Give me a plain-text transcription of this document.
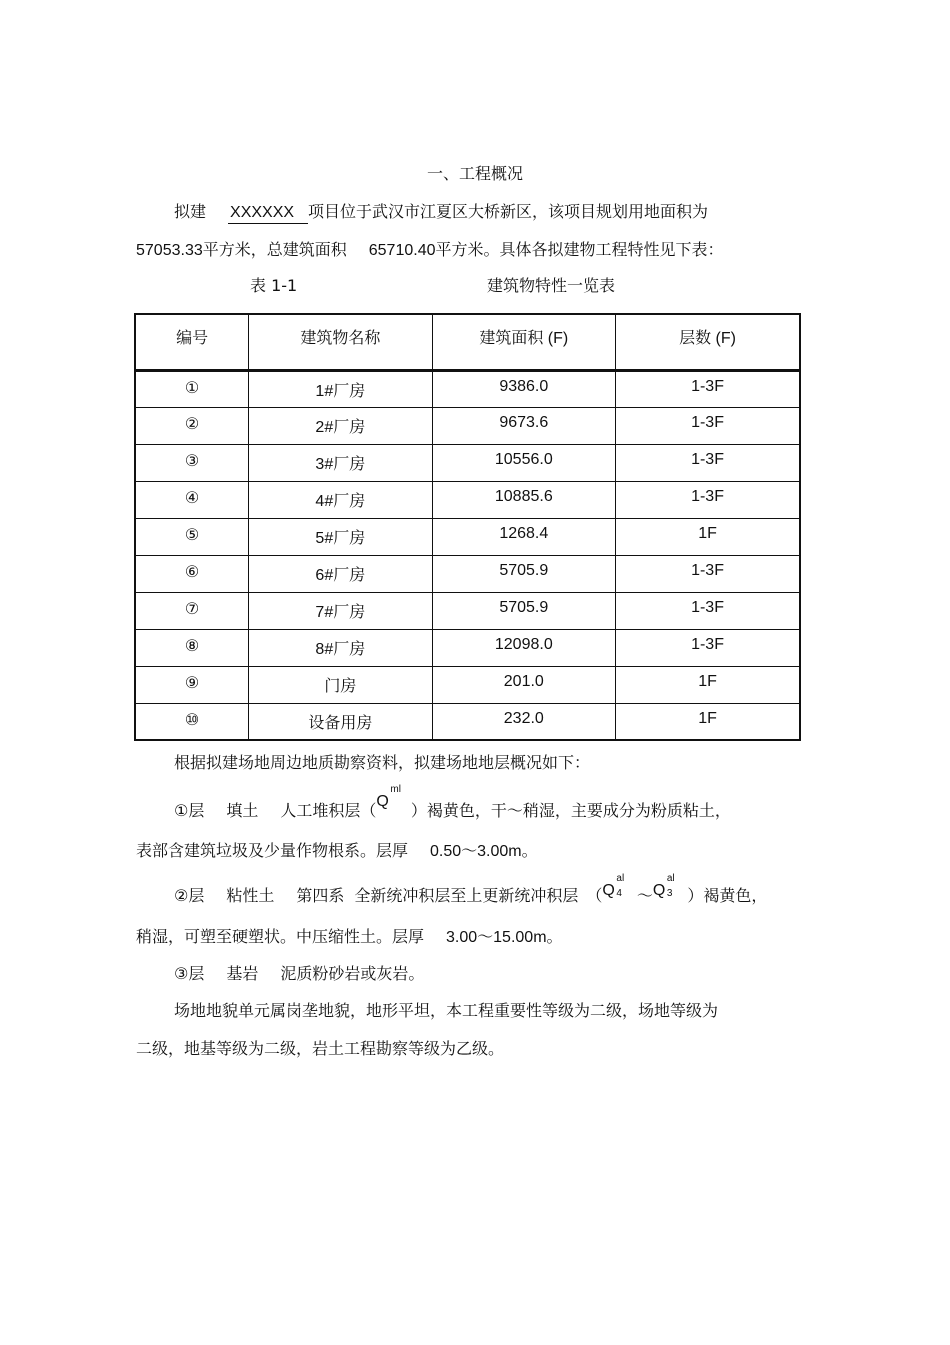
一、工程概况
拟建 XXXXXX 项目位于武汉市江夏区大桥新区，该项目规划用地面积为
57053.33平方米，总建筑面积 65710.40平方米。具体各拟建物工程特性见下表：
表 1-1	建筑物特性一览表
编号	建筑物名称	建筑面积 (F)	层数 (F)
①	1#厂房	9386.0	1-3F
②	2#厂房	9673.6	1-3F
③	3#厂房	10556.0	1-3F
④	4#厂房	10885.6	1-3F
⑤	5#厂房	1268.4	1F
⑥	6#厂房	5705.9	1-3F
⑦	7#厂房	5705.9	1-3F
⑧	8#厂房	12098.0	1-3F
⑨	门房	201.0	1F
⑩	设备用房	232.0	1F
根据拟建场地周边地质勘察资料，拟建场地地层概况如下：
①层 填土 人工堆积层（Q
ml
）褐黄色，干～稍湿，主要成分为粉质粘土，
表部含建筑垃圾及少量作物根系。层厚 0.50～3.00m。
②层 粘性土 第四系 全新统冲积层至上更新统冲积层　（Q
al
4 ～Q
al
3 ）褐黄色，
稍湿，可塑至硬塑状。中压缩性土。层厚 3.00～15.00m。
③层 基岩 泥质粉砂岩或灰岩。
场地地貌单元属岗垄地貌，地形平坦，本工程重要性等级为二级，场地等级为
二级，地基等级为二级，岩土工程勘察等级为乙级。
